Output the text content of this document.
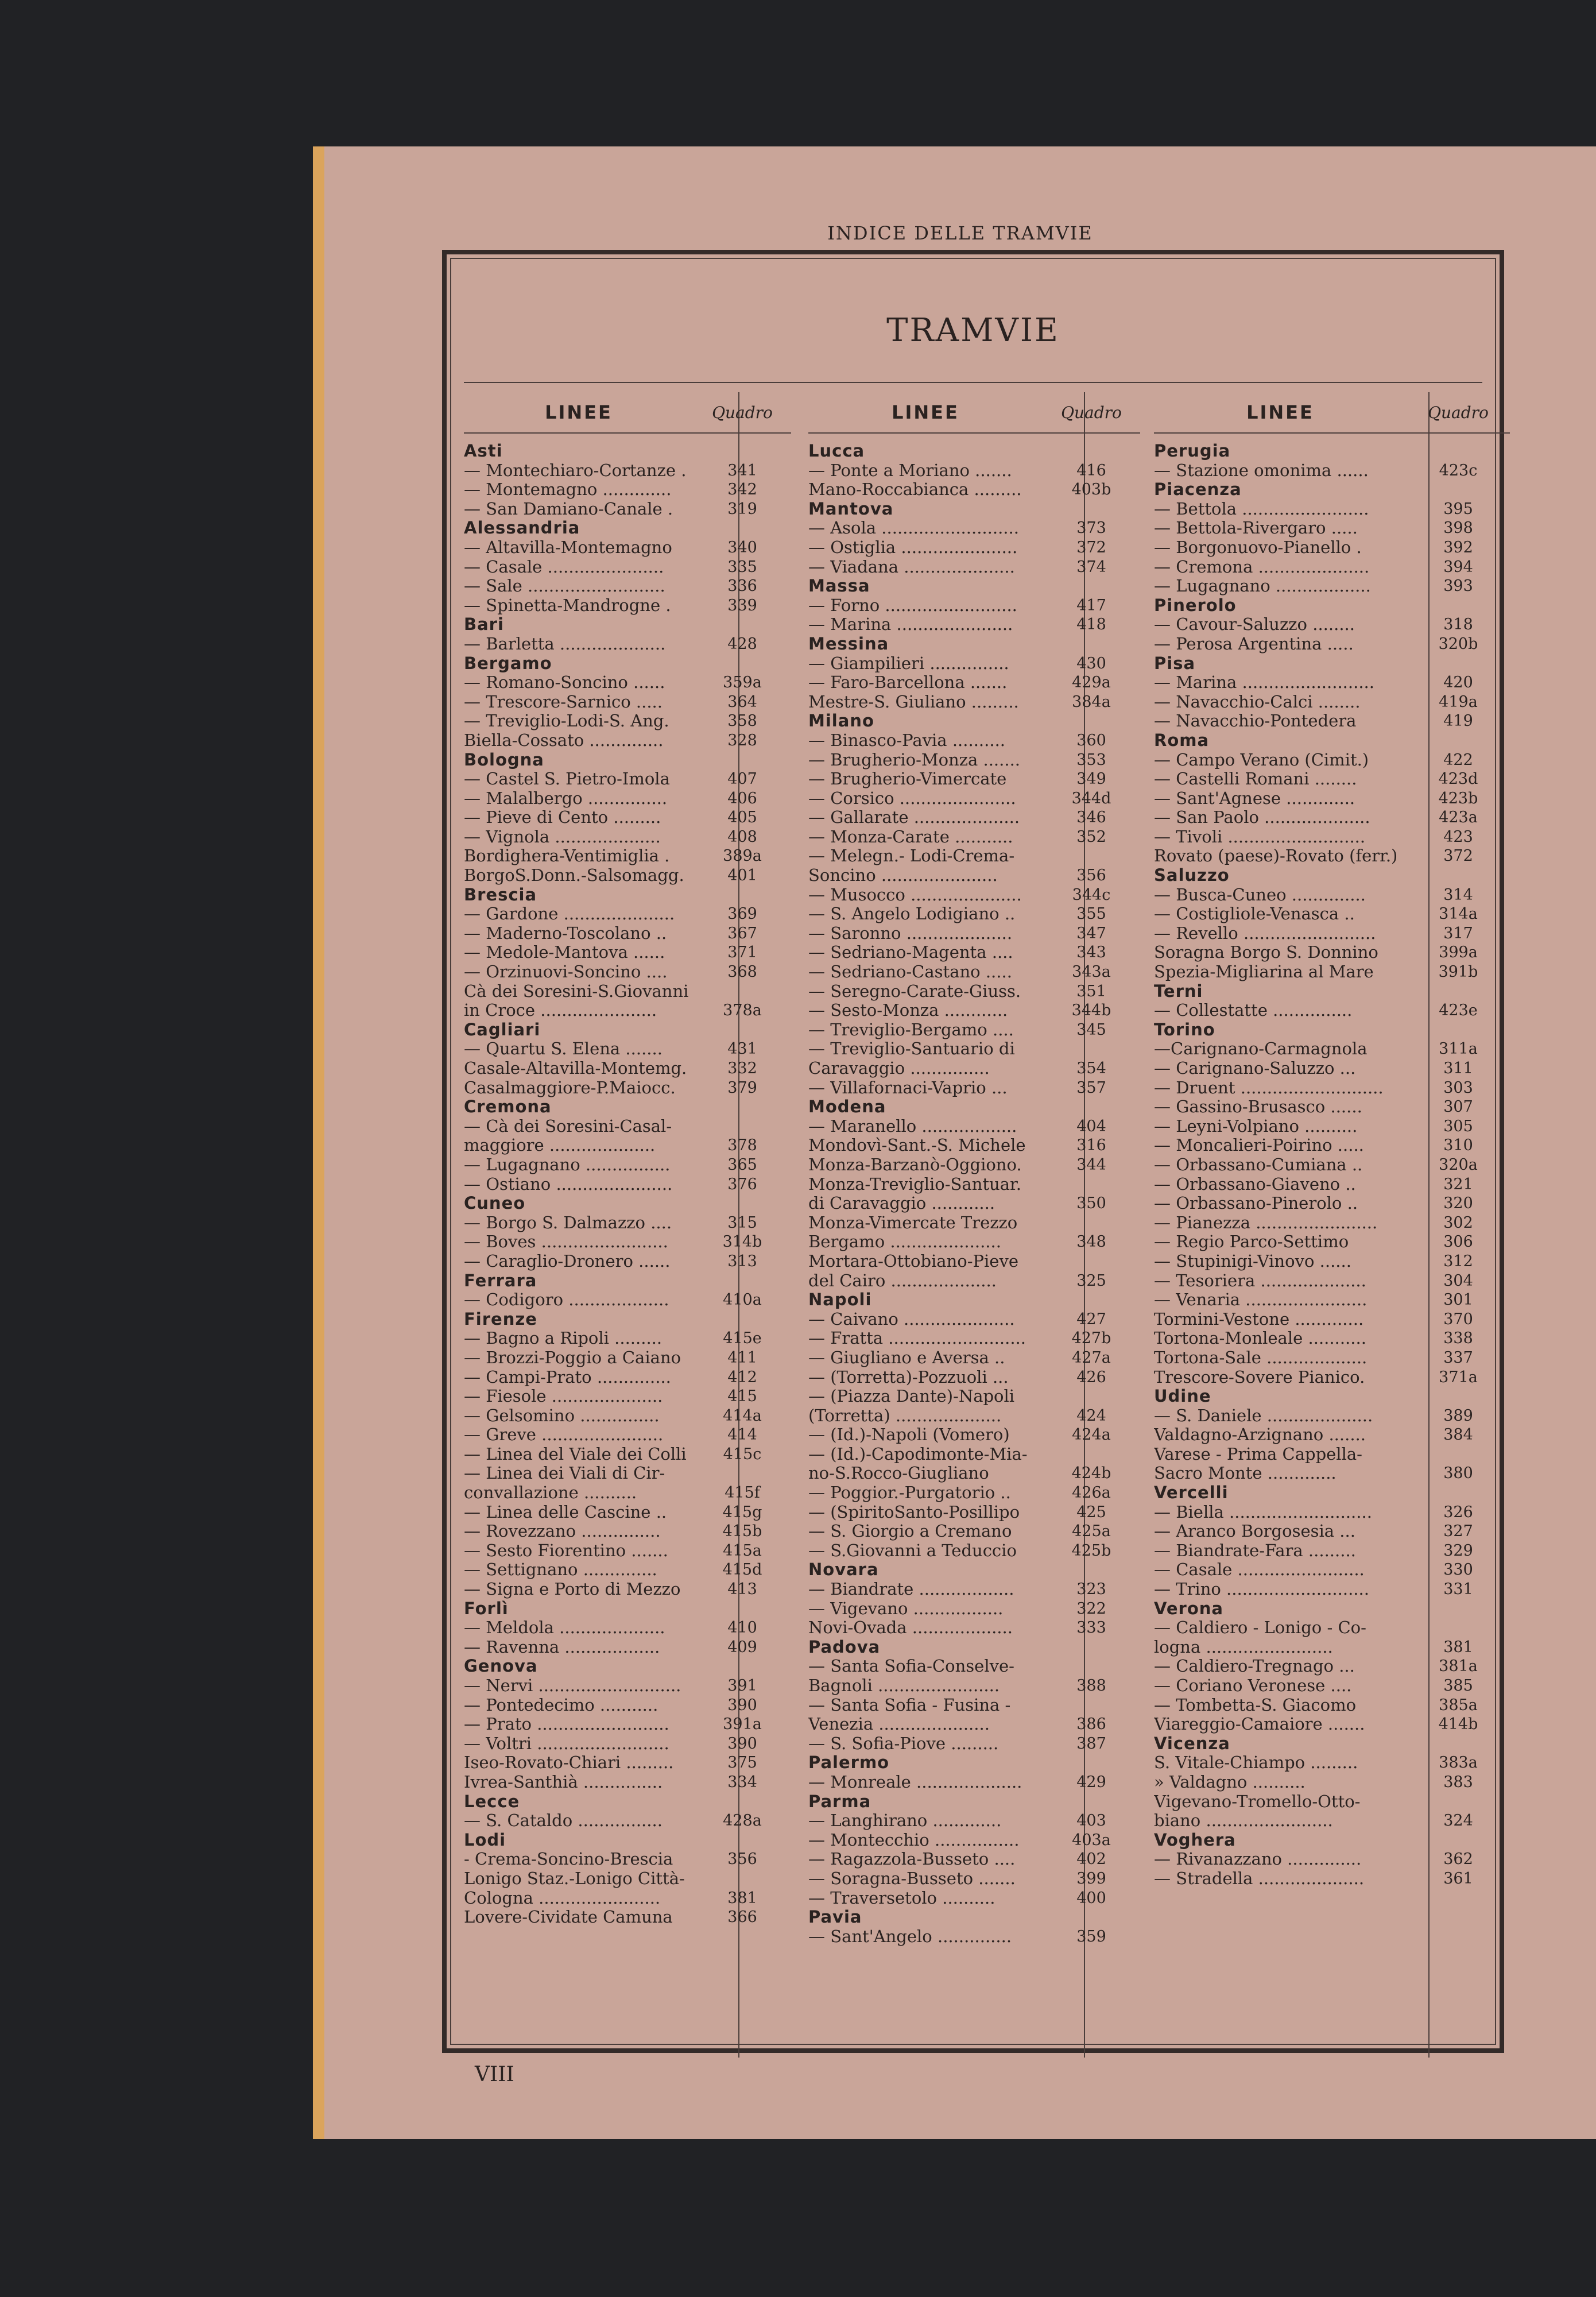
INDICE DELLE TRAMVIE
TRAMVIE
LINEE	Quadro
Asti
— Montechiaro-Cortanze .	341
— Montemagno .............	342
— San Damiano-Canale .	319
Alessandria
— Altavilla-Montemagno	340
— Casale ......................	335
— Sale ..........................	336
— Spinetta-Mandrogne .	339
Bari
— Barletta ....................	428
Bergamo
— Romano-Soncino ......	359a
— Trescore-Sarnico .....	364
— Treviglio-Lodi-S. Ang.	358
Biella-Cossato ..............	328
Bologna
— Castel S. Pietro-Imola	407
— Malalbergo ...............	406
— Pieve di Cento .........	405
— Vignola ....................	408
Bordighera-Ventimiglia .	389a
BorgoS.Donn.-Salsomagg.	401
Brescia
— Gardone .....................	369
— Maderno-Toscolano ..	367
— Medole-Mantova ......	371
— Orzinuovi-Soncino ....	368
Cà dei Soresini-S.Giovanni
in Croce ......................	378a
Cagliari
— Quartu S. Elena .......	431
Casale-Altavilla-Montemg.	332
Casalmaggiore-P.Maiocc.	379
Cremona
— Cà dei Soresini-Casal-
maggiore ....................	378
— Lugagnano ................	365
— Ostiano ......................	376
Cuneo
— Borgo S. Dalmazzo ....	315
— Boves ........................	314b
— Caraglio-Dronero ......	313
Ferrara
— Codigoro ...................	410a
Firenze
— Bagno a Ripoli .........	415e
— Brozzi-Poggio a Caiano	411
— Campi-Prato ..............	412
— Fiesole .....................	415
— Gelsomino ...............	414a
— Greve .......................	414
— Linea del Viale dei Colli	415c
— Linea dei Viali di Cir-
convallazione ..........	415f
— Linea delle Cascine ..	415g
— Rovezzano ...............	415b
— Sesto Fiorentino .......	415a
— Settignano ..............	415d
— Signa e Porto di Mezzo	413
Forlì
— Meldola ....................	410
— Ravenna ..................	409
Genova
— Nervi ...........................	391
— Pontedecimo ...........	390
— Prato .........................	391a
— Voltri .........................	390
Iseo-Rovato-Chiari .........	375
Ivrea-Santhià ...............	334
Lecce
— S. Cataldo ................	428a
Lodi
- Crema-Soncino-Brescia	356
Lonigo Staz.-Lonigo Città-
Cologna .......................	381
Lovere-Cividate Camuna	366
LINEE	Quadro
Lucca
— Ponte a Moriano .......	416
Mano-Roccabianca .........	403b
Mantova
— Asola ..........................	373
— Ostiglia ......................	372
— Viadana .....................	374
Massa
— Forno .........................	417
— Marina ......................	418
Messina
— Giampilieri ...............	430
— Faro-Barcellona .......	429a
Mestre-S. Giuliano .........	384a
Milano
— Binasco-Pavia ..........	360
— Brugherio-Monza .......	353
— Brugherio-Vimercate	349
— Corsico ......................	344d
— Gallarate ....................	346
— Monza-Carate ...........	352
— Melegn.- Lodi-Crema-
Soncino ......................	356
— Musocco .....................	344c
— S. Angelo Lodigiano ..	355
— Saronno ....................	347
— Sedriano-Magenta ....	343
— Sedriano-Castano .....	343a
— Seregno-Carate-Giuss.	351
— Sesto-Monza ............	344b
— Treviglio-Bergamo ....	345
— Treviglio-Santuario di
Caravaggio ...............	354
— Villafornaci-Vaprio ...	357
Modena
— Maranello ..................	404
Mondovì-Sant.-S. Michele	316
Monza-Barzanò-Oggiono.	344
Monza-Treviglio-Santuar.
di Caravaggio ............	350
Monza-Vimercate Trezzo
Bergamo .....................	348
Mortara-Ottobiano-Pieve
del Cairo ....................	325
Napoli
— Caivano .....................	427
— Fratta ..........................	427b
— Giugliano e Aversa ..	427a
— (Torretta)-Pozzuoli ...	426
— (Piazza Dante)-Napoli
(Torretta) ....................	424
— (Id.)-Napoli (Vomero)	424a
— (Id.)-Capodimonte-Mia-
no-S.Rocco-Giugliano	424b
— Poggior.-Purgatorio ..	426a
— (SpiritoSanto-Posillipo	425
— S. Giorgio a Cremano	425a
— S.Giovanni a Teduccio	425b
Novara
— Biandrate ..................	323
— Vigevano .................	322
Novi-Ovada ...................	333
Padova
— Santa Sofia-Conselve-
Bagnoli .......................	388
— Santa Sofia - Fusina -
Venezia .....................	386
— S. Sofia-Piove .........	387
Palermo
— Monreale ....................	429
Parma
— Langhirano .............	403
— Montecchio ................	403a
— Ragazzola-Busseto ....	402
— Soragna-Busseto .......	399
— Traversetolo ..........	400
Pavia
— Sant'Angelo ..............	359
LINEE	Quadro
Perugia
— Stazione omonima ......	423c
Piacenza
— Bettola ........................	395
— Bettola-Rivergaro .....	398
— Borgonuovo-Pianello .	392
— Cremona .....................	394
— Lugagnano ..................	393
Pinerolo
— Cavour-Saluzzo ........	318
— Perosa Argentina .....	320b
Pisa
— Marina .........................	420
— Navacchio-Calci ........	419a
— Navacchio-Pontedera	419
Roma
— Campo Verano (Cimit.)	422
— Castelli Romani ........	423d
— Sant'Agnese .............	423b
— San Paolo ....................	423a
— Tivoli ..........................	423
Rovato (paese)-Rovato (ferr.)	372
Saluzzo
— Busca-Cuneo ..............	314
— Costigliole-Venasca ..	314a
— Revello .........................	317
Soragna Borgo S. Donnino	399a
Spezia-Migliarina al Mare	391b
Terni
— Collestatte ...............	423e
Torino
—Carignano-Carmagnola	311a
— Carignano-Saluzzo ...	311
— Druent ...........................	303
— Gassino-Brusasco ......	307
— Leyni-Volpiano ..........	305
— Moncalieri-Poirino .....	310
— Orbassano-Cumiana ..	320a
— Orbassano-Giaveno ..	321
— Orbassano-Pinerolo ..	320
— Pianezza .......................	302
— Regio Parco-Settimo	306
— Stupinigi-Vinovo ......	312
— Tesoriera ....................	304
— Venaria .......................	301
Tormini-Vestone .............	370
Tortona-Monleale ...........	338
Tortona-Sale ...................	337
Trescore-Sovere Pianico.	371a
Udine
— S. Daniele ....................	389
Valdagno-Arzignano .......	384
Varese - Prima Cappella-
Sacro Monte .............	380
Vercelli
— Biella ...........................	326
— Aranco Borgosesia ...	327
— Biandrate-Fara .........	329
— Casale ........................	330
— Trino ...........................	331
Verona
— Caldiero - Lonigo - Co-
logna ........................	381
— Caldiero-Tregnago ...	381a
— Coriano Veronese ....	385
— Tombetta-S. Giacomo	385a
Viareggio-Camaiore .......	414b
Vicenza
S. Vitale-Chiampo .........	383a
» Valdagno ..........	383
Vigevano-Tromello-Otto-
biano ........................	324
Voghera
— Rivanazzano ..............	362
— Stradella ....................	361
VIII
